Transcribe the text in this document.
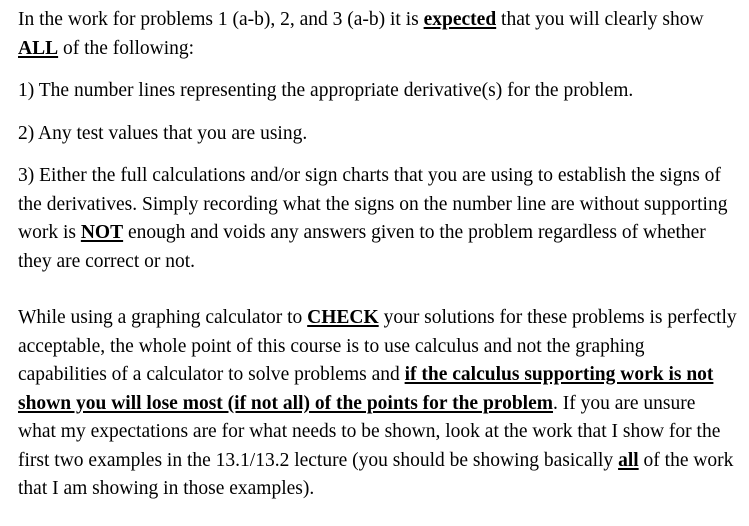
In the work for problems 1 (a-b), 2, and 3 (a-b) it is expected that you will clearly show ALL of the following:

1) The number lines representing the appropriate derivative(s) for the problem.

2) Any test values that you are using.

3) Either the full calculations and/or sign charts that you are using to establish the signs of the derivatives. Simply recording what the signs on the number line are without supporting work is NOT enough and voids any answers given to the problem regardless of whether they are correct or not.

While using a graphing calculator to CHECK your solutions for these problems is perfectly acceptable, the whole point of this course is to use calculus and not the graphing capabilities of a calculator to solve problems and if the calculus supporting work is not shown you will lose most (if not all) of the points for the problem. If you are unsure what my expectations are for what needs to be shown, look at the work that I show for the first two examples in the 13.1/13.2 lecture (you should be showing basically all of the work that I am showing in those examples).
